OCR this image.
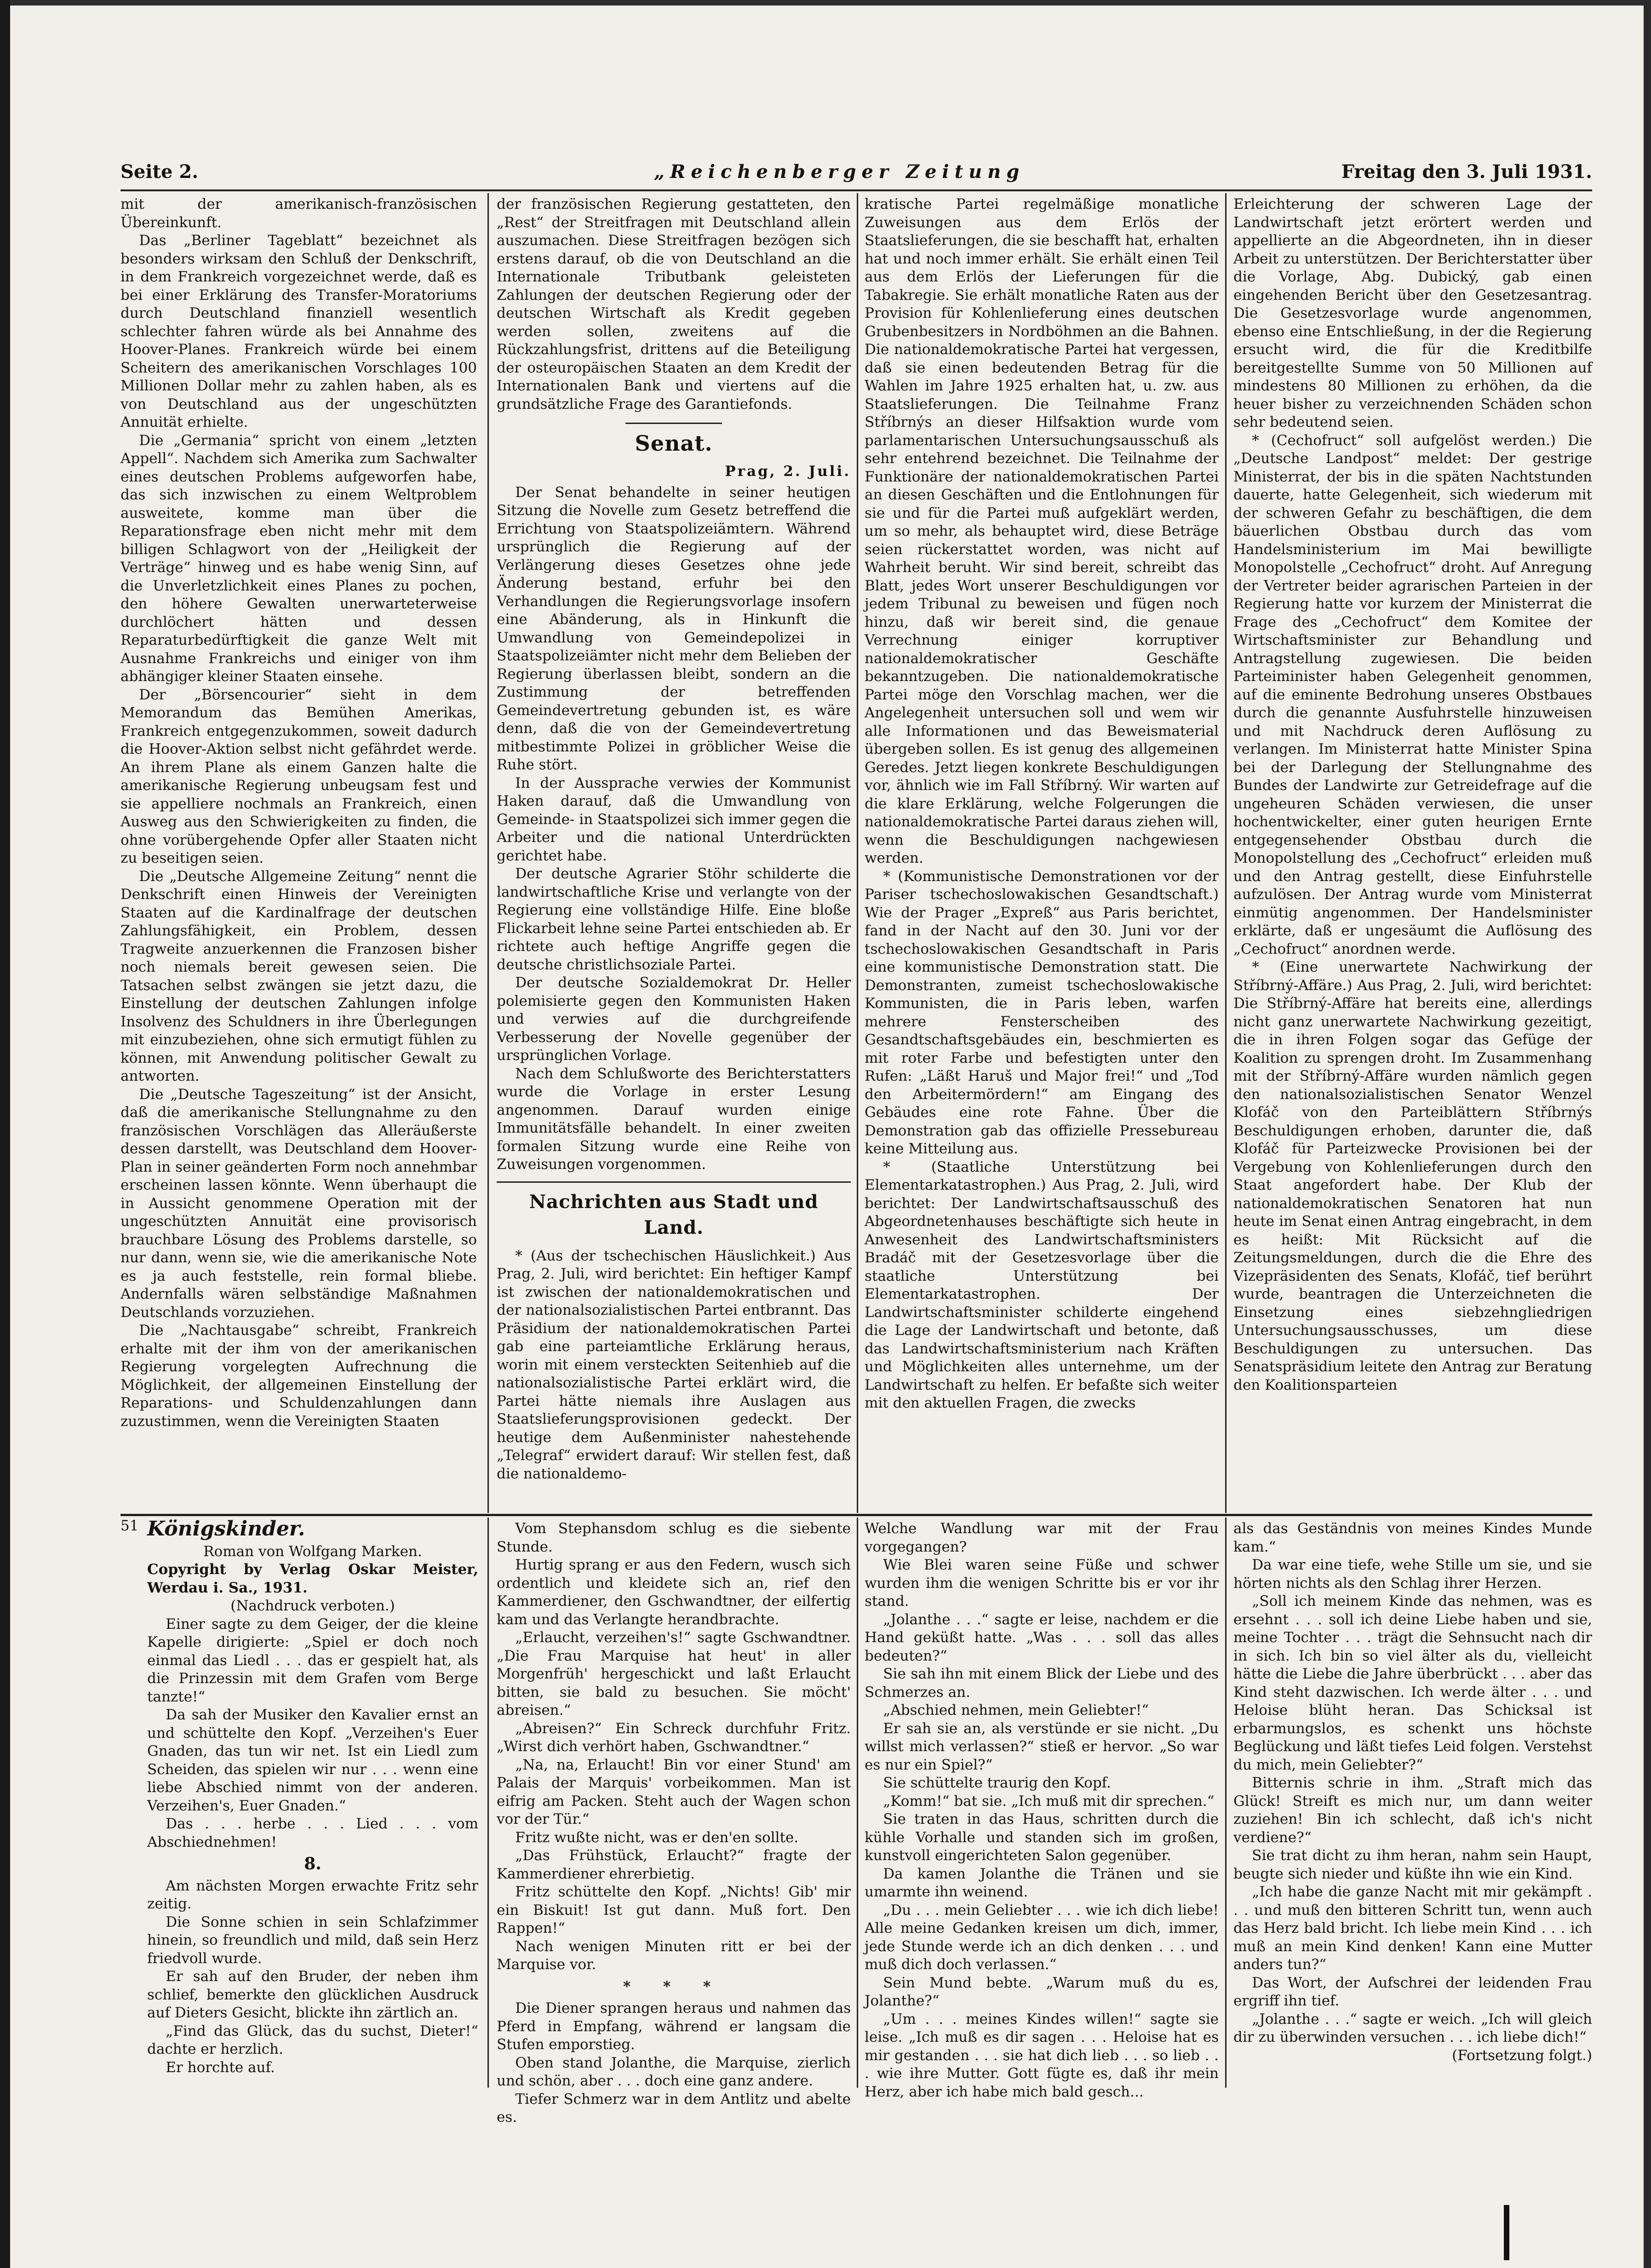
Seite 2.	„Reichenberger Zeitung	Freitag den 3. Juli 1931.

mit der amerikanisch-französischen Übereinkunft.

Das „Berliner Tageblatt“ bezeichnet als besonders wirksam den Schluß der Denkschrift, in dem Frankreich vorgezeichnet werde, daß es bei einer Erklärung des Transfer-Moratoriums durch Deutschland finanziell wesentlich schlechter fahren würde als bei Annahme des Hoover-Planes. Frankreich würde bei einem Scheitern des amerikanischen Vorschlages 100 Millionen Dollar mehr zu zahlen haben, als es von Deutschland aus der ungeschützten Annuität erhielte.

Die „Germania“ spricht von einem „letzten Appell“. Nachdem sich Amerika zum Sachwalter eines deutschen Problems aufgeworfen habe, das sich inzwischen zu einem Weltproblem ausweitete, komme man über die Reparationsfrage eben nicht mehr mit dem billigen Schlagwort von der „Heiligkeit der Verträge“ hinweg und es habe wenig Sinn, auf die Unverletzlichkeit eines Planes zu pochen, den höhere Gewalten unerwarteterweise durchlöchert hätten und dessen Reparaturbedürftigkeit die ganze Welt mit Ausnahme Frankreichs und einiger von ihm abhängiger kleiner Staaten einsehe.

Der „Börsencourier“ sieht in dem Memorandum das Bemühen Amerikas, Frankreich entgegenzukommen, soweit dadurch die Hoover-Aktion selbst nicht gefährdet werde. An ihrem Plane als einem Ganzen halte die amerikanische Regierung unbeugsam fest und sie appelliere nochmals an Frankreich, einen Ausweg aus den Schwierigkeiten zu finden, die ohne vorübergehende Opfer aller Staaten nicht zu beseitigen seien.

Die „Deutsche Allgemeine Zeitung“ nennt die Denkschrift einen Hinweis der Vereinigten Staaten auf die Kardinalfrage der deutschen Zahlungsfähigkeit, ein Problem, dessen Tragweite anzuerkennen die Franzosen bisher noch niemals bereit gewesen seien. Die Tatsachen selbst zwängen sie jetzt dazu, die Einstellung der deutschen Zahlungen infolge Insolvenz des Schuldners in ihre Überlegungen mit einzubeziehen, ohne sich ermutigt fühlen zu können, mit Anwendung politischer Gewalt zu antworten.

Die „Deutsche Tageszeitung“ ist der Ansicht, daß die amerikanische Stellungnahme zu den französischen Vorschlägen das Alleräußerste dessen darstellt, was Deutschland dem Hoover-Plan in seiner geänderten Form noch annehmbar erscheinen lassen könnte. Wenn überhaupt die in Aussicht genommene Operation mit der ungeschützten Annuität eine provisorisch brauchbare Lösung des Problems darstelle, so nur dann, wenn sie, wie die amerikanische Note es ja auch feststelle, rein formal bliebe. Andernfalls wären selbständige Maßnahmen Deutschlands vorzuziehen.

Die „Nachtausgabe“ schreibt, Frankreich erhalte mit der ihm von der amerikanischen Regierung vorgelegten Aufrechnung die Möglichkeit, der allgemeinen Einstellung der Reparations- und Schuldenzahlungen dann zuzustimmen, wenn die Vereinigten Staaten

der französischen Regierung gestatteten, den „Rest“ der Streitfragen mit Deutschland allein auszumachen. Diese Streitfragen bezögen sich erstens darauf, ob die von Deutschland an die Internationale Tributbank geleisteten Zahlungen der deutschen Regierung oder der deutschen Wirtschaft als Kredit gegeben werden sollen, zweitens auf die Rückzahlungsfrist, drittens auf die Beteiligung der osteuropäischen Staaten an dem Kredit der Internationalen Bank und viertens auf die grundsätzliche Frage des Garantiefonds.

Senat.

Prag, 2. Juli.

Der Senat behandelte in seiner heutigen Sitzung die Novelle zum Gesetz betreffend die Errichtung von Staatspolizeiämtern. Während ursprünglich die Regierung auf der Verlängerung dieses Gesetzes ohne jede Änderung bestand, erfuhr bei den Verhandlungen die Regierungsvorlage insofern eine Abänderung, als in Hinkunft die Umwandlung von Gemeindepolizei in Staatspolizeiämter nicht mehr dem Belieben der Regierung überlassen bleibt, sondern an die Zustimmung der betreffenden Gemeindevertretung gebunden ist, es wäre denn, daß die von der Gemeindevertretung mitbestimmte Polizei in gröblicher Weise die Ruhe stört.

In der Aussprache verwies der Kommunist Haken darauf, daß die Umwandlung von Gemeinde- in Staatspolizei sich immer gegen die Arbeiter und die national Unterdrückten gerichtet habe.

Der deutsche Agrarier Stöhr schilderte die landwirtschaftliche Krise und verlangte von der Regierung eine vollständige Hilfe. Eine bloße Flickarbeit lehne seine Partei entschieden ab. Er richtete auch heftige Angriffe gegen die deutsche christlichsoziale Partei.

Der deutsche Sozialdemokrat Dr. Heller polemisierte gegen den Kommunisten Haken und verwies auf die durchgreifende Verbesserung der Novelle gegenüber der ursprünglichen Vorlage.

Nach dem Schlußworte des Berichterstatters wurde die Vorlage in erster Lesung angenommen. Darauf wurden einige Immunitätsfälle behandelt. In einer zweiten formalen Sitzung wurde eine Reihe von Zuweisungen vorgenommen.

Nachrichten aus Stadt und Land.

* (Aus der tschechischen Häuslichkeit.) Aus Prag, 2. Juli, wird berichtet: Ein heftiger Kampf ist zwischen der nationaldemokratischen und der nationalsozialistischen Partei entbrannt. Das Präsidium der nationaldemokratischen Partei gab eine parteiamtliche Erklärung heraus, worin mit einem versteckten Seitenhieb auf die nationalsozialistische Partei erklärt wird, die Partei hätte niemals ihre Auslagen aus Staatslieferungsprovisionen gedeckt. Der heutige dem Außenminister nahestehende „Telegraf“ erwidert darauf: Wir stellen fest, daß die nationaldemo-

kratische Partei regelmäßige monatliche Zuweisungen aus dem Erlös der Staatslieferungen, die sie beschafft hat, erhalten hat und noch immer erhält. Sie erhält einen Teil aus dem Erlös der Lieferungen für die Tabakregie. Sie erhält monatliche Raten aus der Provision für Kohlenlieferung eines deutschen Grubenbesitzers in Nordböhmen an die Bahnen. Die nationaldemokratische Partei hat vergessen, daß sie einen bedeutenden Betrag für die Wahlen im Jahre 1925 erhalten hat, u. zw. aus Staatslieferungen. Die Teilnahme Franz Stříbrnýs an dieser Hilfsaktion wurde vom parlamentarischen Untersuchungsausschuß als sehr entehrend bezeichnet. Die Teilnahme der Funktionäre der nationaldemokratischen Partei an diesen Geschäften und die Entlohnungen für sie und für die Partei muß aufgeklärt werden, um so mehr, als behauptet wird, diese Beträge seien rückerstattet worden, was nicht auf Wahrheit beruht. Wir sind bereit, schreibt das Blatt, jedes Wort unserer Beschuldigungen vor jedem Tribunal zu beweisen und fügen noch hinzu, daß wir bereit sind, die genaue Verrechnung einiger korruptiver nationaldemokratischer Geschäfte bekanntzugeben. Die nationaldemokratische Partei möge den Vorschlag machen, wer die Angelegenheit untersuchen soll und wem wir alle Informationen und das Beweismaterial übergeben sollen. Es ist genug des allgemeinen Geredes. Jetzt liegen konkrete Beschuldigungen vor, ähnlich wie im Fall Stříbrný. Wir warten auf die klare Erklärung, welche Folgerungen die nationaldemokratische Partei daraus ziehen will, wenn die Beschuldigungen nachgewiesen werden.

* (Kommunistische Demonstrationen vor der Pariser tschechoslowakischen Gesandtschaft.) Wie der Prager „Expreß“ aus Paris berichtet, fand in der Nacht auf den 30. Juni vor der tschechoslowakischen Gesandtschaft in Paris eine kommunistische Demonstration statt. Die Demonstranten, zumeist tschechoslowakische Kommunisten, die in Paris leben, warfen mehrere Fensterscheiben des Gesandtschaftsgebäudes ein, beschmierten es mit roter Farbe und befestigten unter den Rufen: „Läßt Haruš und Major frei!“ und „Tod den Arbeitermördern!“ am Eingang des Gebäudes eine rote Fahne. Über die Demonstration gab das offizielle Pressebureau keine Mitteilung aus.

* (Staatliche Unterstützung bei Elementarkatastrophen.) Aus Prag, 2. Juli, wird berichtet: Der Landwirtschaftsausschuß des Abgeordnetenhauses beschäftigte sich heute in Anwesenheit des Landwirtschaftsministers Bradáč mit der Gesetzesvorlage über die staatliche Unterstützung bei Elementarkatastrophen. Der Landwirtschaftsminister schilderte eingehend die Lage der Landwirtschaft und betonte, daß das Landwirtschaftsministerium nach Kräften und Möglichkeiten alles unternehme, um der Landwirtschaft zu helfen. Er befaßte sich weiter mit den aktuellen Fragen, die zwecks

Erleichterung der schweren Lage der Landwirtschaft jetzt erörtert werden und appellierte an die Abgeordneten, ihn in dieser Arbeit zu unterstützen. Der Berichterstatter über die Vorlage, Abg. Dubický, gab einen eingehenden Bericht über den Gesetzesantrag. Die Gesetzesvorlage wurde angenommen, ebenso eine Entschließung, in der die Regierung ersucht wird, die für die Kreditbilfe bereitgestellte Summe von 50 Millionen auf mindestens 80 Millionen zu erhöhen, da die heuer bisher zu verzeichnenden Schäden schon sehr bedeutend seien.

* (Cechofruct“ soll aufgelöst werden.) Die „Deutsche Landpost“ meldet: Der gestrige Ministerrat, der bis in die späten Nachtstunden dauerte, hatte Gelegenheit, sich wiederum mit der schweren Gefahr zu beschäftigen, die dem bäuerlichen Obstbau durch das vom Handelsministerium im Mai bewilligte Monopolstelle „Cechofruct“ droht. Auf Anregung der Vertreter beider agrarischen Parteien in der Regierung hatte vor kurzem der Ministerrat die Frage des „Cechofruct“ dem Komitee der Wirtschaftsminister zur Behandlung und Antragstellung zugewiesen. Die beiden Parteiminister haben Gelegenheit genommen, auf die eminente Bedrohung unseres Obstbaues durch die genannte Ausfuhrstelle hinzuweisen und mit Nachdruck deren Auflösung zu verlangen. Im Ministerrat hatte Minister Spina bei der Darlegung der Stellungnahme des Bundes der Landwirte zur Getreidefrage auf die ungeheuren Schäden verwiesen, die unser hochentwickelter, einer guten heurigen Ernte entgegensehender Obstbau durch die Monopolstellung des „Cechofruct“ erleiden muß und den Antrag gestellt, diese Einfuhrstelle aufzulösen. Der Antrag wurde vom Ministerrat einmütig angenommen. Der Handelsminister erklärte, daß er ungesäumt die Auflösung des „Cechofruct“ anordnen werde.

* (Eine unerwartete Nachwirkung der Stříbrný-Affäre.) Aus Prag, 2. Juli, wird berichtet: Die Stříbrný-Affäre hat bereits eine, allerdings nicht ganz unerwartete Nachwirkung gezeitigt, die in ihren Folgen sogar das Gefüge der Koalition zu sprengen droht. Im Zusammenhang mit der Stříbrný-Affäre wurden nämlich gegen den nationalsozialistischen Senator Wenzel Klofáč von den Parteiblättern Stříbrnýs Beschuldigungen erhoben, darunter die, daß Klofáč für Parteizwecke Provisionen bei der Vergebung von Kohlenlieferungen durch den Staat angefordert habe. Der Klub der nationaldemokratischen Senatoren hat nun heute im Senat einen Antrag eingebracht, in dem es heißt: Mit Rücksicht auf die Zeitungsmeldungen, durch die die Ehre des Vizepräsidenten des Senats, Klofáč, tief berührt wurde, beantragen die Unterzeichneten die Einsetzung eines siebzehngliedrigen Untersuchungsausschusses, um diese Beschuldigungen zu untersuchen. Das Senatspräsidium leitete den Antrag zur Beratung den Koalitionsparteien

51 Königskinder.

Roman von Wolfgang Marken.

Copyright by Verlag Oskar Meister, Werdau i. Sa., 1931.

(Nachdruck verboten.)

Einer sagte zu dem Geiger, der die kleine Kapelle dirigierte: „Spiel er doch noch einmal das Liedl . . . das er gespielt hat, als die Prinzessin mit dem Grafen vom Berge tanzte!“

Da sah der Musiker den Kavalier ernst an und schüttelte den Kopf. „Verzeihen's Euer Gnaden, das tun wir net. Ist ein Liedl zum Scheiden, das spielen wir nur . . . wenn eine liebe Abschied nimmt von der anderen. Verzeihen's, Euer Gnaden.“

Das . . . herbe . . . Lied . . . vom Abschiednehmen!

8.

Am nächsten Morgen erwachte Fritz sehr zeitig.

Die Sonne schien in sein Schlafzimmer hinein, so freundlich und mild, daß sein Herz friedvoll wurde.

Er sah auf den Bruder, der neben ihm schlief, bemerkte den glücklichen Ausdruck auf Dieters Gesicht, blickte ihn zärtlich an.

„Find das Glück, das du suchst, Dieter!“ dachte er herzlich.

Er horchte auf.

Vom Stephansdom schlug es die siebente Stunde.

Hurtig sprang er aus den Federn, wusch sich ordentlich und kleidete sich an, rief den Kammerdiener, den Gschwandtner, der eilfertig kam und das Verlangte herandbrachte.

„Erlaucht, verzeihen's!“ sagte Gschwandtner. „Die Frau Marquise hat heut' in aller Morgenfrüh' hergeschickt und laßt Erlaucht bitten, sie bald zu besuchen. Sie möcht' abreisen.“

„Abreisen?“ Ein Schreck durchfuhr Fritz. „Wirst dich verhört haben, Gschwandtner.“

„Na, na, Erlaucht! Bin vor einer Stund' am Palais der Marquis' vorbeikommen. Man ist eifrig am Packen. Steht auch der Wagen schon vor der Tür.“

Fritz wußte nicht, was er den'en sollte.

„Das Frühstück, Erlaucht?“ fragte der Kammerdiener ehrerbietig.

Fritz schüttelte den Kopf. „Nichts! Gib' mir ein Biskuit! Ist gut dann. Muß fort. Den Rappen!“

Nach wenigen Minuten ritt er bei der Marquise vor.

* * *

Die Diener sprangen heraus und nahmen das Pferd in Empfang, während er langsam die Stufen emporstieg.

Oben stand Jolanthe, die Marquise, zierlich und schön, aber . . . doch eine ganz andere.

Tiefer Schmerz war in dem Antlitz und abelte es.

Welche Wandlung war mit der Frau vorgegangen?

Wie Blei waren seine Füße und schwer wurden ihm die wenigen Schritte bis er vor ihr stand.

„Jolanthe . . .“ sagte er leise, nachdem er die Hand geküßt hatte. „Was . . . soll das alles bedeuten?“

Sie sah ihn mit einem Blick der Liebe und des Schmerzes an.

„Abschied nehmen, mein Geliebter!“

Er sah sie an, als verstünde er sie nicht. „Du willst mich verlassen?“ stieß er hervor. „So war es nur ein Spiel?“

Sie schüttelte traurig den Kopf.

„Komm!“ bat sie. „Ich muß mit dir sprechen.“

Sie traten in das Haus, schritten durch die kühle Vorhalle und standen sich im großen, kunstvoll eingerichteten Salon gegenüber.

Da kamen Jolanthe die Tränen und sie umarmte ihn weinend.

„Du . . . mein Geliebter . . . wie ich dich liebe! Alle meine Gedanken kreisen um dich, immer, jede Stunde werde ich an dich denken . . . und muß dich doch verlassen.“

Sein Mund bebte. „Warum muß du es, Jolanthe?“

„Um . . . meines Kindes willen!“ sagte sie leise. „Ich muß es dir sagen . . . Heloise hat es mir gestanden . . . sie hat dich lieb . . . so lieb . . . wie ihre Mutter. Gott fügte es, daß ihr mein Herz, aber ich habe mich bald gesch...

als das Geständnis von meines Kindes Munde kam.“

Da war eine tiefe, wehe Stille um sie, und sie hörten nichts als den Schlag ihrer Herzen.

„Soll ich meinem Kinde das nehmen, was es ersehnt . . . soll ich deine Liebe haben und sie, meine Tochter . . . trägt die Sehnsucht nach dir in sich. Ich bin so viel älter als du, vielleicht hätte die Liebe die Jahre überbrückt . . . aber das Kind steht dazwischen. Ich werde älter . . . und Heloise blüht heran. Das Schicksal ist erbarmungslos, es schenkt uns höchste Beglückung und läßt tiefes Leid folgen. Verstehst du mich, mein Geliebter?“

Bitternis schrie in ihm. „Straft mich das Glück! Streift es mich nur, um dann weiter zuziehen! Bin ich schlecht, daß ich's nicht verdiene?“

Sie trat dicht zu ihm heran, nahm sein Haupt, beugte sich nieder und küßte ihn wie ein Kind.

„Ich habe die ganze Nacht mit mir gekämpft . . . und muß den bitteren Schritt tun, wenn auch das Herz bald bricht. Ich liebe mein Kind . . . ich muß an mein Kind denken! Kann eine Mutter anders tun?“

Das Wort, der Aufschrei der leidenden Frau ergriff ihn tief.

„Jolanthe . . .“ sagte er weich. „Ich will gleich dir zu überwinden versuchen . . . ich liebe dich!“

(Fortsetzung folgt.)
